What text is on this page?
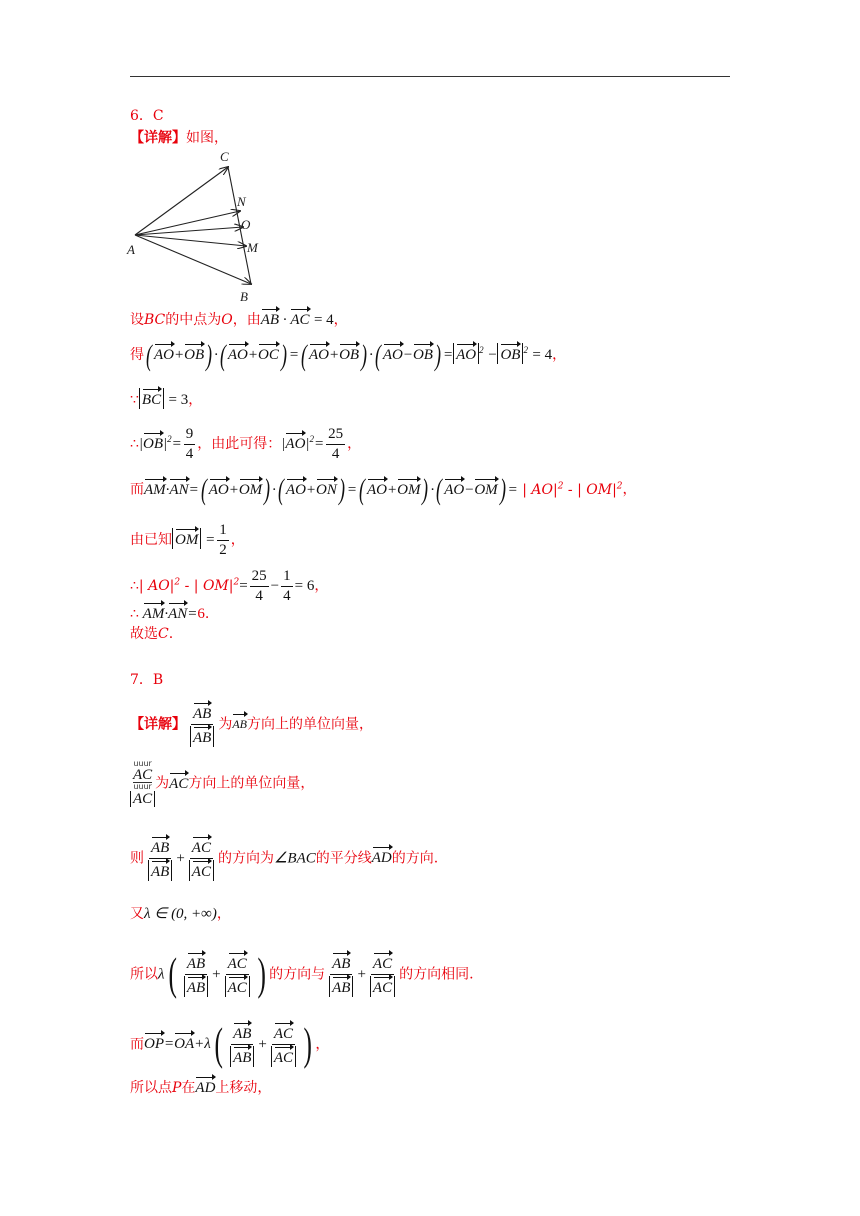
6．C
【详解】如图，
C
N
O
A	M
B
设BC的中点为O，由AB · AC = 4，
得( AO+OB) ·( AO+OC) =( AO+OB) ·( AO−OB) = AO $^2$ − OB $^2$ = 4，
∵ BC = 3，
$\therefore|OB|^2= \frac{9}{4}$ ，由此可得：$|AO|^2= \frac{25}{4}$ ，
而AM·AN=( AO+OM) ·( AO+ON) =( AO+OM) ·( AO−OM) = | $AO|^2$ - | $OM|^2$，
由已知 OM = $\frac{1}{2}$ ，
∴| $AO|^2$ - | $OM|^2= \frac{25}{4} - \frac{1}{4} = 6$，
∴ AM·AN=6.
故选C.
7．B
【详解】 $\frac{AB}{AB}$ 为AB方向上的单位向量，
uuur
AC
uuur
AC
为AC方向上的单位向量，
则 $\frac{AB}{AB} + \frac{AC}{AC}$ 的方向为∠BAC的平分线AD的方向.
又λ ∈ (0, +∞)，
所以$\lambda( \frac{AB}{AB} + \frac{AC}{AC}$ ) 的方向与 $\frac{AB}{AB} + \frac{AC}{AC}$ 的方向相同.
而$OP=OA+\lambda( \frac{AB}{AB} + \frac{AC}{AC}$ ) ，
所以点P在AD上移动，
